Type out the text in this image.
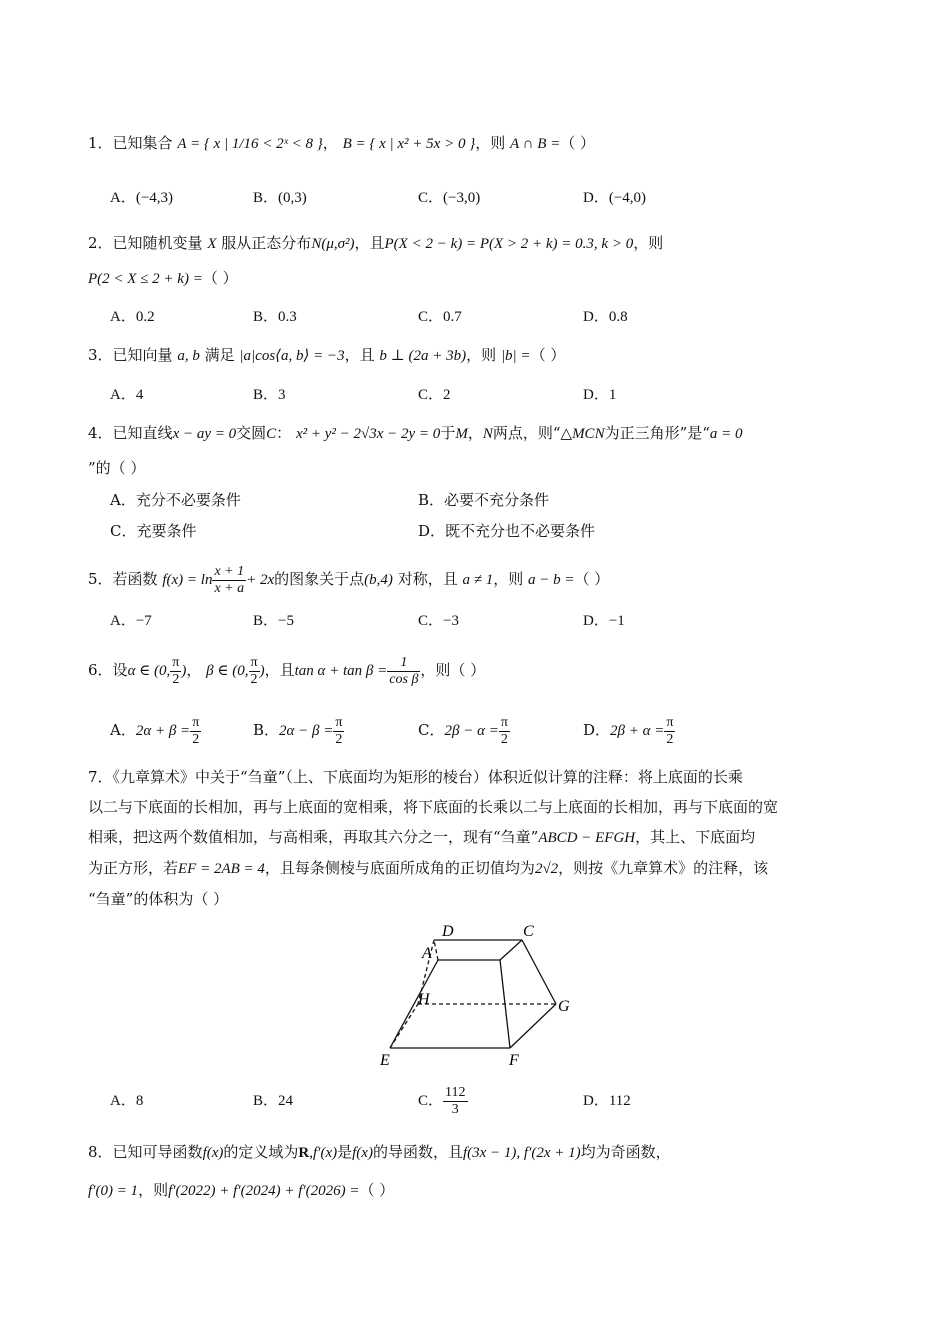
1．已知集合 A = { x | 1/16 < 2ˣ < 8 }， B = { x | x² + 5x > 0 }，则 A ∩ B =（ ）
A．(−4,3)	B．(0,3)	C．(−3,0)	D．(−4,0)
2．已知随机变量 X 服从正态分布N(μ,σ²)，且P(X < 2 − k) = P(X > 2 + k) = 0.3, k > 0，则
P(2 < X ≤ 2 + k) =（ ）
A．0.2	B．0.3	C．0.7	D．0.8
3．已知向量 a, b 满足 |a|cos⟨a, b⟩ = −3，且 b ⊥ (2a + 3b)，则 |b| =（ ）
A．4	B．3	C．2	D．1
4．已知直线x − ay = 0交圆C： x² + y² − 2√3x − 2y = 0于M，N两点，则“△MCN为正三角形”是“a = 0
”的（ ）
A．充分不必要条件	B．必要不充分条件
C．充要条件	D．既不充分也不必要条件
5．若函数 $f(x) = \ln \frac{x + 1}{x + a} + 2x$的图象关于点(b,4) 对称，且 a ≠ 1，则 a − b =（ ）
A．−7	B．−5	C．−3	D．−1
6．设α ∈ (0, $\frac{\pi}{2}$ )， β ∈ (0, $\frac{\pi}{2}$ )，且$\tan \alpha + \tan \beta = \frac{1}{\text{cos β}}$ ，则（ ）
A．$2\alpha + \beta = \frac{\pi}{2}$	B．$2\alpha - \beta = \frac{\pi}{2}$	C．$2\beta - \alpha = \frac{\pi}{2}$	D．$2\beta + \alpha = \frac{\pi}{2}$
7．《九章算术》中关于“刍童”（上、下底面均为矩形的棱台）体积近似计算的注释：将上底面的长乘
以二与下底面的长相加，再与上底面的宽相乘，将下底面的长乘以二与上底面的长相加，再与下底面的宽
相乘，把这两个数值相加，与高相乘，再取其六分之一，现有“刍童”ABCD − EFGH，其上、下底面均
为正方形，若EF = 2AB = 4，且每条侧棱与底面所成角的正切值均为2√2，则按《九章算术》的注释，该
“刍童”的体积为（ ）
D	C
A
H	G
E	F
A．8	B．24	C． $\frac{112}{3}$	D．112
8．已知可导函数f(x)的定义域为R,f′(x)是f(x)的导函数，且f(3x − 1), f′(2x + 1)均为奇函数，
f′(0) = 1，则f′(2022) + f′(2024) + f′(2026) =（ ）
